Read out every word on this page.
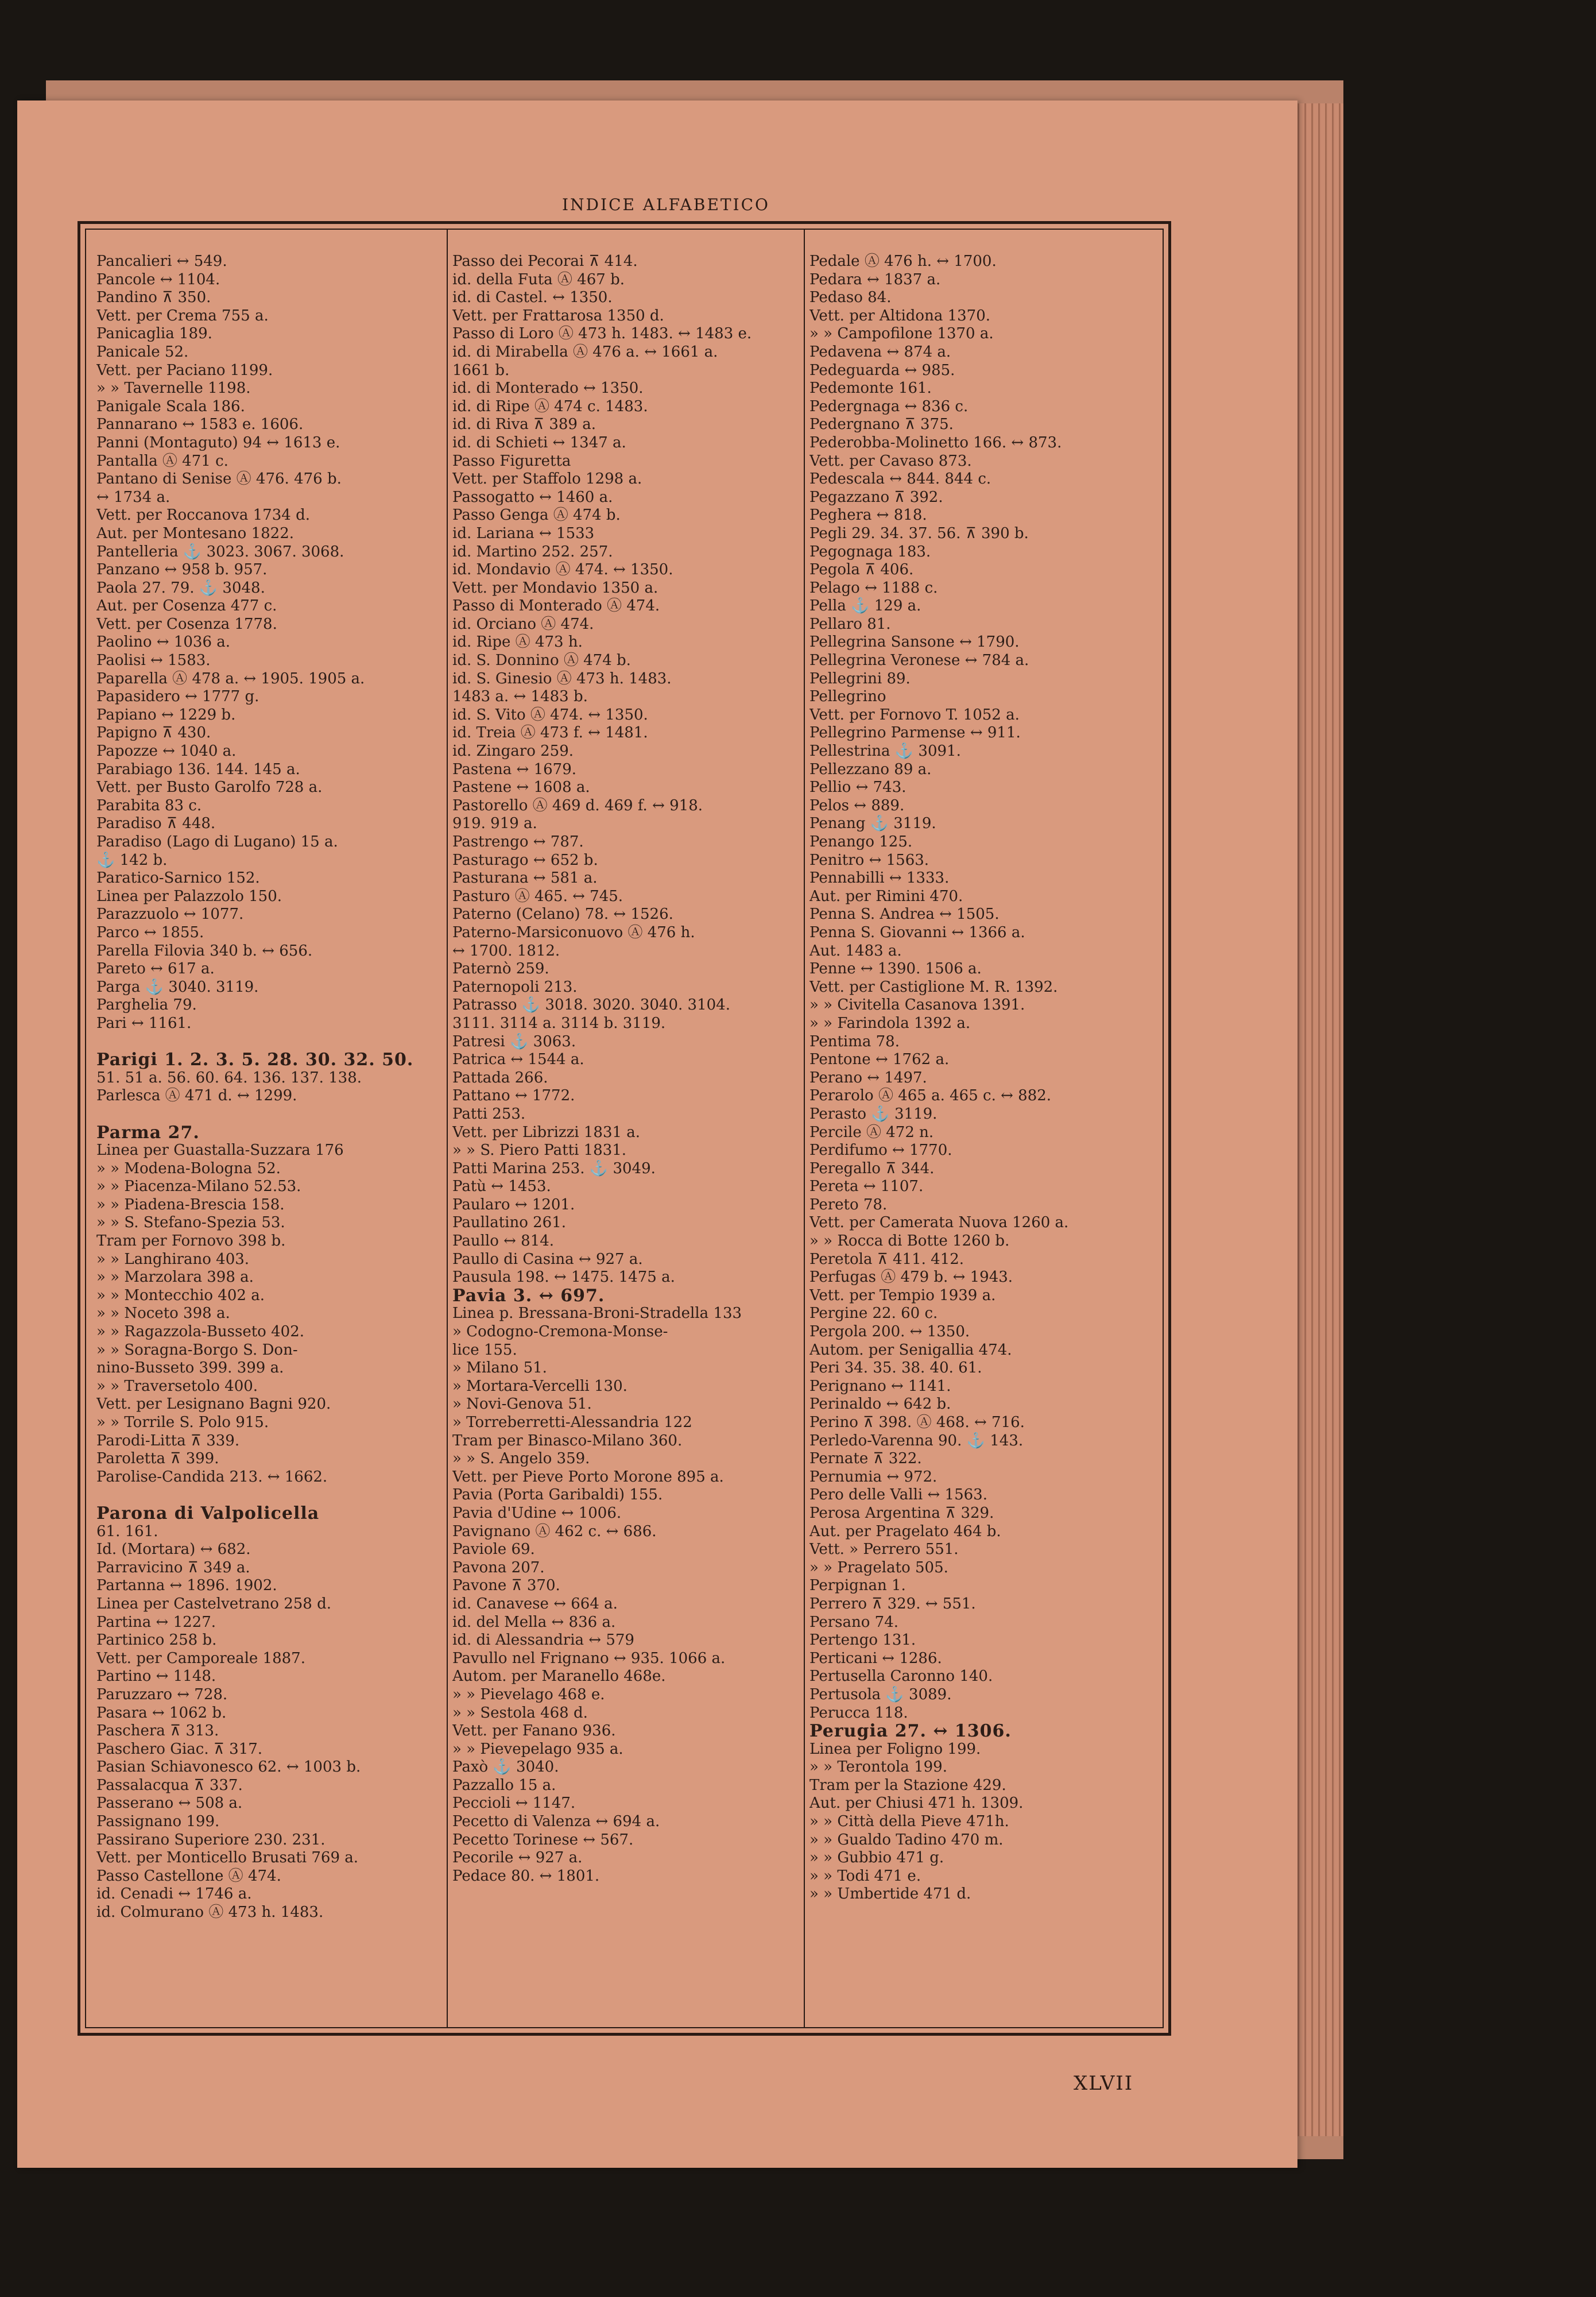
INDICE ALFABETICO
Pancalieri ↔ 549.
Pancole ↔ 1104.
Pandino ⊼ 350.
Vett. per Crema 755 a.
Panicaglia 189.
Panicale 52.
Vett. per Paciano 1199.
» » Tavernelle 1198.
Panigale Scala 186.
Pannarano ↔ 1583 e. 1606.
Panni (Montaguto) 94 ↔ 1613 e.
Pantalla Ⓐ 471 c.
Pantano di Senise Ⓐ 476. 476 b.
↔ 1734 a.
Vett. per Roccanova 1734 d.
Aut. per Montesano 1822.
Pantelleria ⚓ 3023. 3067. 3068.
Panzano ↔ 958 b. 957.
Paola 27. 79. ⚓ 3048.
Aut. per Cosenza 477 c.
Vett. per Cosenza 1778.
Paolino ↔ 1036 a.
Paolisi ↔ 1583.
Paparella Ⓐ 478 a. ↔ 1905. 1905 a.
Papasidero ↔ 1777 g.
Papiano ↔ 1229 b.
Papigno ⊼ 430.
Papozze ↔ 1040 a.
Parabiago 136. 144. 145 a.
Vett. per Busto Garolfo 728 a.
Parabita 83 c.
Paradiso ⊼ 448.
Paradiso (Lago di Lugano) 15 a.
⚓ 142 b.
Paratico-Sarnico 152.
Linea per Palazzolo 150.
Parazzuolo ↔ 1077.
Parco ↔ 1855.
Parella Filovia 340 b. ↔ 656.
Pareto ↔ 617 a.
Parga ⚓ 3040. 3119.
Parghelia 79.
Pari ↔ 1161.

Parigi 1. 2. 3. 5. 28. 30. 32. 50.
51. 51 a. 56. 60. 64. 136. 137. 138.
Parlesca Ⓐ 471 d. ↔ 1299.

Parma 27.
Linea per Guastalla-Suzzara 176
» » Modena-Bologna 52.
» » Piacenza-Milano 52.53.
» » Piadena-Brescia 158.
» » S. Stefano-Spezia 53.
Tram per Fornovo 398 b.
» » Langhirano 403.
» » Marzolara 398 a.
» » Montecchio 402 a.
» » Noceto 398 a.
» » Ragazzola-Busseto 402.
» » Soragna-Borgo S. Don-
nino-Busseto 399. 399 a.
» » Traversetolo 400.
Vett. per Lesignano Bagni 920.
» » Torrile S. Polo 915.
Parodi-Litta ⊼ 339.
Paroletta ⊼ 399.
Parolise-Candida 213. ↔ 1662.

Parona di Valpolicella
61. 161.
Id. (Mortara) ↔ 682.
Parravicino ⊼ 349 a.
Partanna ↔ 1896. 1902.
Linea per Castelvetrano 258 d.
Partina ↔ 1227.
Partinico 258 b.
Vett. per Camporeale 1887.
Partino ↔ 1148.
Paruzzaro ↔ 728.
Pasara ↔ 1062 b.
Paschera ⊼ 313.
Paschero Giac. ⊼ 317.
Pasian Schiavonesco 62. ↔ 1003 b.
Passalacqua ⊼ 337.
Passerano ↔ 508 a.
Passignano 199.
Passirano Superiore 230. 231.
Vett. per Monticello Brusati 769 a.
Passo Castellone Ⓐ 474.
id. Cenadi ↔ 1746 a.
id. Colmurano Ⓐ 473 h. 1483.
Passo dei Pecorai ⊼ 414.
id. della Futa Ⓐ 467 b.
id. di Castel. ↔ 1350.
Vett. per Frattarosa 1350 d.
Passo di Loro Ⓐ 473 h. 1483. ↔ 1483 e.
id. di Mirabella Ⓐ 476 a. ↔ 1661 a.
1661 b.
id. di Monterado ↔ 1350.
id. di Ripe Ⓐ 474 c. 1483.
id. di Riva ⊼ 389 a.
id. di Schieti ↔ 1347 a.
Passo Figuretta
Vett. per Staffolo 1298 a.
Passogatto ↔ 1460 a.
Passo Genga Ⓐ 474 b.
id. Lariana ↔ 1533
id. Martino 252. 257.
id. Mondavio Ⓐ 474. ↔ 1350.
Vett. per Mondavio 1350 a.
Passo di Monterado Ⓐ 474.
id. Orciano Ⓐ 474.
id. Ripe Ⓐ 473 h.
id. S. Donnino Ⓐ 474 b.
id. S. Ginesio Ⓐ 473 h. 1483.
1483 a. ↔ 1483 b.
id. S. Vito Ⓐ 474. ↔ 1350.
id. Treia Ⓐ 473 f. ↔ 1481.
id. Zingaro 259.
Pastena ↔ 1679.
Pastene ↔ 1608 a.
Pastorello Ⓐ 469 d. 469 f. ↔ 918.
919. 919 a.
Pastrengo ↔ 787.
Pasturago ↔ 652 b.
Pasturana ↔ 581 a.
Pasturo Ⓐ 465. ↔ 745.
Paterno (Celano) 78. ↔ 1526.
Paterno-Marsiconuovo Ⓐ 476 h.
↔ 1700. 1812.
Paternò 259.
Paternopoli 213.
Patrasso ⚓ 3018. 3020. 3040. 3104.
3111. 3114 a. 3114 b. 3119.
Patresi ⚓ 3063.
Patrica ↔ 1544 a.
Pattada 266.
Pattano ↔ 1772.
Patti 253.
Vett. per Librizzi 1831 a.
» » S. Piero Patti 1831.
Patti Marina 253. ⚓ 3049.
Patù ↔ 1453.
Paularo ↔ 1201.
Paullatino 261.
Paullo ↔ 814.
Paullo di Casina ↔ 927 a.
Pausula 198. ↔ 1475. 1475 a.
Pavia 3. ↔ 697.
Linea p. Bressana-Broni-Stradella 133
» Codogno-Cremona-Monse-
lice 155.
» Milano 51.
» Mortara-Vercelli 130.
» Novi-Genova 51.
» Torreberretti-Alessandria 122
Tram per Binasco-Milano 360.
» » S. Angelo 359.
Vett. per Pieve Porto Morone 895 a.
Pavia (Porta Garibaldi) 155.
Pavia d'Udine ↔ 1006.
Pavignano Ⓐ 462 c. ↔ 686.
Paviole 69.
Pavona 207.
Pavone ⊼ 370.
id. Canavese ↔ 664 a.
id. del Mella ↔ 836 a.
id. di Alessandria ↔ 579
Pavullo nel Frignano ↔ 935. 1066 a.
Autom. per Maranello 468e.
» » Pievelago 468 e.
» » Sestola 468 d.
Vett. per Fanano 936.
» » Pievepelago 935 a.
Paxò ⚓ 3040.
Pazzallo 15 a.
Peccioli ↔ 1147.
Pecetto di Valenza ↔ 694 a.
Pecetto Torinese ↔ 567.
Pecorile ↔ 927 a.
Pedace 80. ↔ 1801.
Pedale Ⓐ 476 h. ↔ 1700.
Pedara ↔ 1837 a.
Pedaso 84.
Vett. per Altidona 1370.
» » Campofilone 1370 a.
Pedavena ↔ 874 a.
Pedeguarda ↔ 985.
Pedemonte 161.
Pedergnaga ↔ 836 c.
Pedergnano ⊼ 375.
Pederobba-Molinetto 166. ↔ 873.
Vett. per Cavaso 873.
Pedescala ↔ 844. 844 c.
Pegazzano ⊼ 392.
Peghera ↔ 818.
Pegli 29. 34. 37. 56. ⊼ 390 b.
Pegognaga 183.
Pegola ⊼ 406.
Pelago ↔ 1188 c.
Pella ⚓ 129 a.
Pellaro 81.
Pellegrina Sansone ↔ 1790.
Pellegrina Veronese ↔ 784 a.
Pellegrini 89.
Pellegrino
Vett. per Fornovo T. 1052 a.
Pellegrino Parmense ↔ 911.
Pellestrina ⚓ 3091.
Pellezzano 89 a.
Pellio ↔ 743.
Pelos ↔ 889.
Penang ⚓ 3119.
Penango 125.
Penitro ↔ 1563.
Pennabilli ↔ 1333.
Aut. per Rimini 470.
Penna S. Andrea ↔ 1505.
Penna S. Giovanni ↔ 1366 a.
Aut. 1483 a.
Penne ↔ 1390. 1506 a.
Vett. per Castiglione M. R. 1392.
» » Civitella Casanova 1391.
» » Farindola 1392 a.
Pentima 78.
Pentone ↔ 1762 a.
Perano ↔ 1497.
Perarolo Ⓐ 465 a. 465 c. ↔ 882.
Perasto ⚓ 3119.
Percile Ⓐ 472 n.
Perdifumo ↔ 1770.
Peregallo ⊼ 344.
Pereta ↔ 1107.
Pereto 78.
Vett. per Camerata Nuova 1260 a.
» » Rocca di Botte 1260 b.
Peretola ⊼ 411. 412.
Perfugas Ⓐ 479 b. ↔ 1943.
Vett. per Tempio 1939 a.
Pergine 22. 60 c.
Pergola 200. ↔ 1350.
Autom. per Senigallia 474.
Peri 34. 35. 38. 40. 61.
Perignano ↔ 1141.
Perinaldo ↔ 642 b.
Perino ⊼ 398. Ⓐ 468. ↔ 716.
Perledo-Varenna 90. ⚓ 143.
Pernate ⊼ 322.
Pernumia ↔ 972.
Pero delle Valli ↔ 1563.
Perosa Argentina ⊼ 329.
Aut. per Pragelato 464 b.
Vett. » Perrero 551.
» » Pragelato 505.
Perpignan 1.
Perrero ⊼ 329. ↔ 551.
Persano 74.
Pertengo 131.
Perticani ↔ 1286.
Pertusella Caronno 140.
Pertusola ⚓ 3089.
Perucca 118.
Perugia 27. ↔ 1306.
Linea per Foligno 199.
» » Terontola 199.
Tram per la Stazione 429.
Aut. per Chiusi 471 h. 1309.
» » Città della Pieve 471h.
» » Gualdo Tadino 470 m.
» » Gubbio 471 g.
» » Todi 471 e.
» » Umbertide 471 d.
XLVII
